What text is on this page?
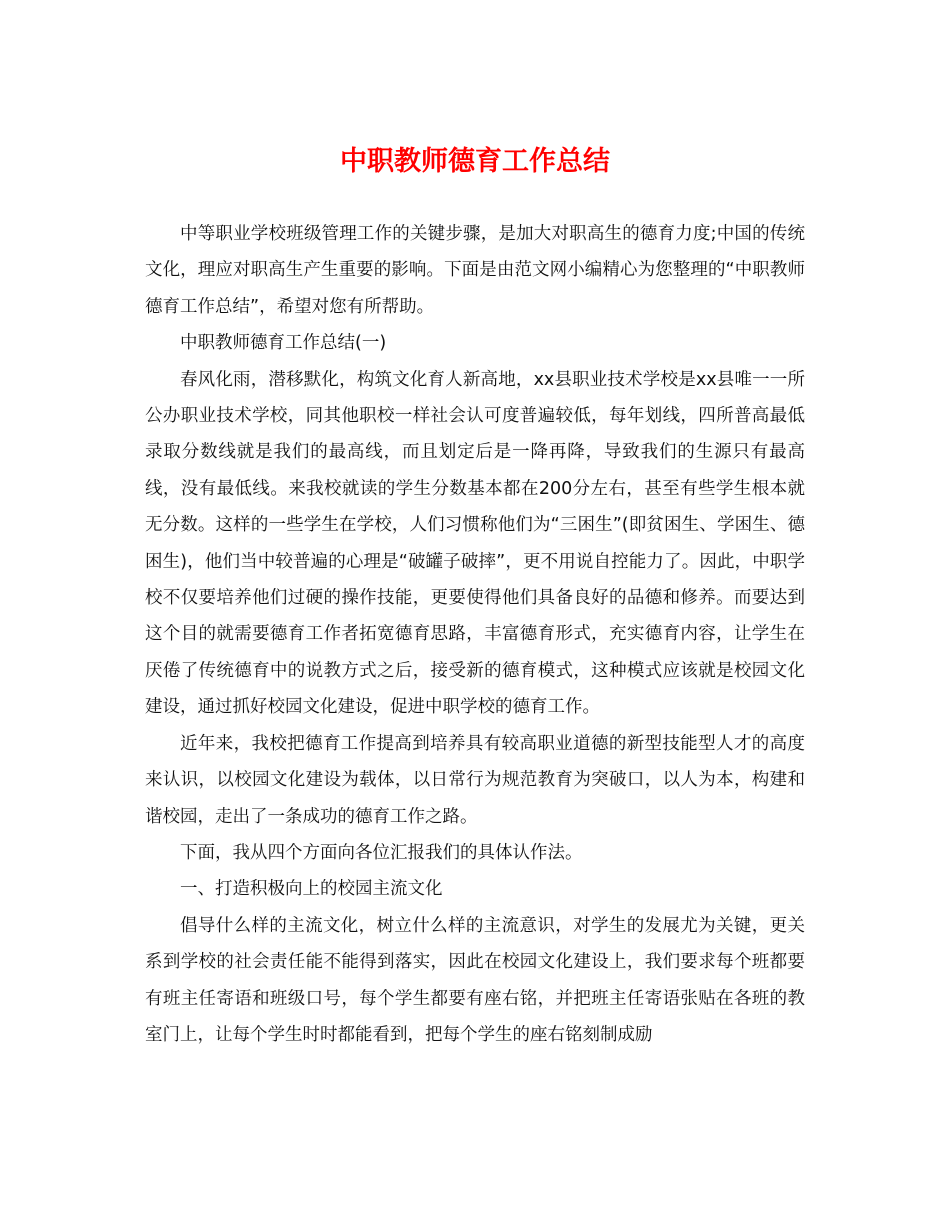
中职教师德育工作总结

中等职业学校班级管理工作的关键步骤，是加大对职高生的德育力度;中国的传统文化，理应对职高生产生重要的影响。下面是由范文网小编精心为您整理的“中职教师德育工作总结”，希望对您有所帮助。

中职教师德育工作总结(一)

春风化雨，潜移默化，构筑文化育人新高地，xx县职业技术学校是xx县唯一一所公办职业技术学校，同其他职校一样社会认可度普遍较低，每年划线，四所普高最低录取分数线就是我们的最高线，而且划定后是一降再降，导致我们的生源只有最高线，没有最低线。来我校就读的学生分数基本都在200分左右，甚至有些学生根本就无分数。这样的一些学生在学校，人们习惯称他们为“三困生”(即贫困生、学困生、德困生)，他们当中较普遍的心理是“破罐子破摔”，更不用说自控能力了。因此，中职学校不仅要培养他们过硬的操作技能，更要使得他们具备良好的品德和修养。而要达到这个目的就需要德育工作者拓宽德育思路，丰富德育形式，充实德育内容，让学生在厌倦了传统德育中的说教方式之后，接受新的德育模式，这种模式应该就是校园文化建设，通过抓好校园文化建设，促进中职学校的德育工作。

近年来，我校把德育工作提高到培养具有较高职业道德的新型技能型人才的高度来认识，以校园文化建设为载体，以日常行为规范教育为突破口，以人为本，构建和谐校园，走出了一条成功的德育工作之路。

下面，我从四个方面向各位汇报我们的具体认作法。

一、打造积极向上的校园主流文化

倡导什么样的主流文化，树立什么样的主流意识，对学生的发展尤为关键，更关系到学校的社会责任能不能得到落实，因此在校园文化建设上，我们要求每个班都要有班主任寄语和班级口号，每个学生都要有座右铭，并把班主任寄语张贴在各班的教室门上，让每个学生时时都能看到，把每个学生的座右铭刻制成励
